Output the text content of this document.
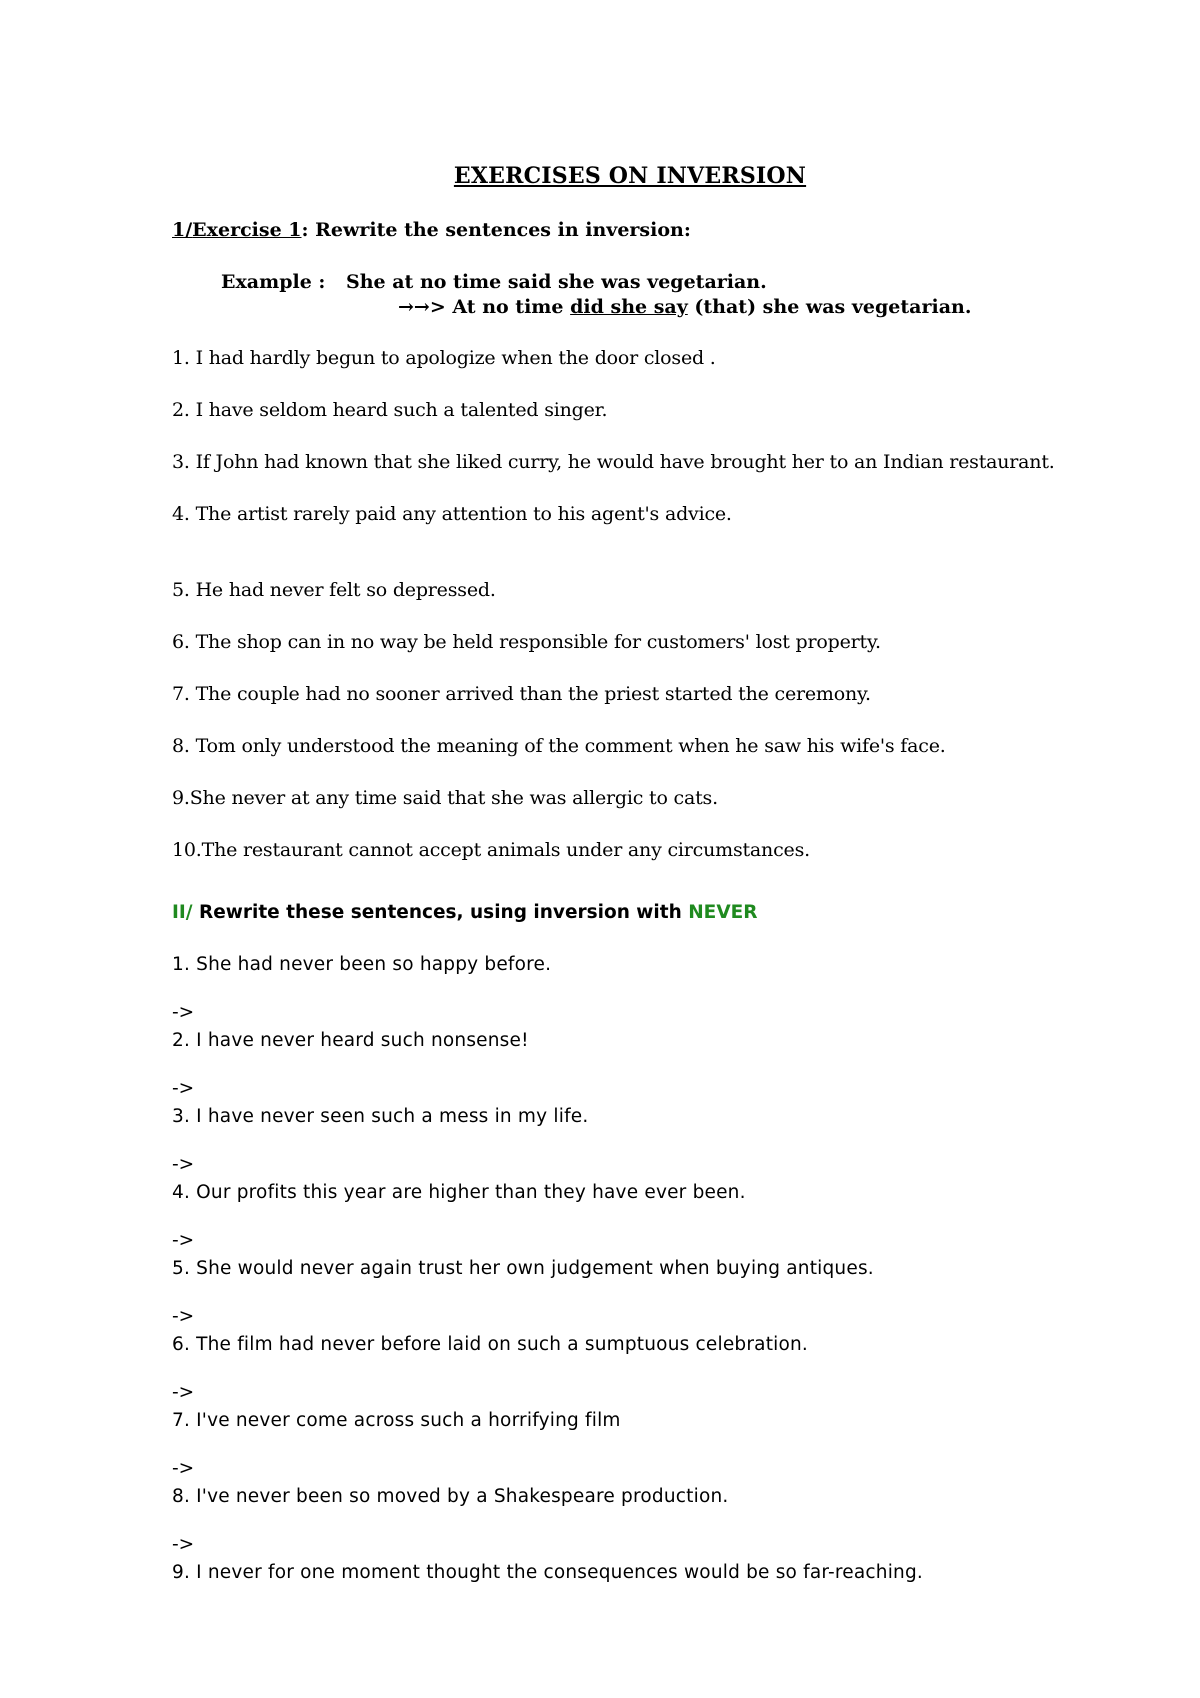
EXERCISES ON INVERSION
1/Exercise 1: Rewrite the sentences in inversion:
Example : She at no time said she was vegetarian.
→→> At no time did she say (that) she was vegetarian.
1. I had hardly begun to apologize when the door closed .
2. I have seldom heard such a talented singer.
3. If John had known that she liked curry, he would have brought her to an Indian restaurant.
4. The artist rarely paid any attention to his agent's advice.
5. He had never felt so depressed.
6. The shop can in no way be held responsible for customers' lost property.
7. The couple had no sooner arrived than the priest started the ceremony.
8. Tom only understood the meaning of the comment when he saw his wife's face.
9.She never at any time said that she was allergic to cats.
10.The restaurant cannot accept animals under any circumstances.
II/ Rewrite these sentences, using inversion with NEVER
1. She had never been so happy before.
->
2. I have never heard such nonsense!
->
3. I have never seen such a mess in my life.
->
4. Our profits this year are higher than they have ever been.
->
5. She would never again trust her own judgement when buying antiques.
->
6. The film had never before laid on such a sumptuous celebration.
->
7. I've never come across such a horrifying film
->
8. I've never been so moved by a Shakespeare production.
->
9. I never for one moment thought the consequences would be so far-reaching.
